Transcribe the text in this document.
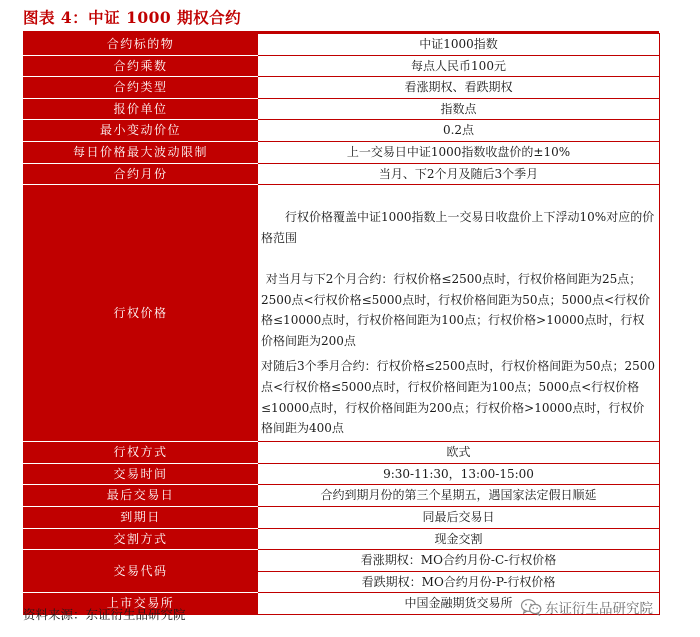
图表 4：中证 1000 期权合约
合约标的物	中证1000指数
合约乘数	每点人民币100元
合约类型	看涨期权、看跌期权
报价单位	指数点
最小变动价位	0.2点
每日价格最大波动限制	上一交易日中证1000指数收盘价的±10%
合约月份	当月、下2个月及随后3个季月
行权价格	行权价格覆盖中证1000指数上一交易日收盘价上下浮动10%对应的价格范围
对当月与下2个月合约：行权价格≤2500点时，行权价格间距为25点；2500点<行权价格≤5000点时，行权价格间距为50点；5000点<行权价格≤10000点时，行权价格间距为100点；行权价格>10000点时，行权价格间距为200点
对随后3个季月合约：行权价格≤2500点时，行权价格间距为50点；2500点<行权价格≤5000点时，行权价格间距为100点；5000点<行权价格≤10000点时，行权价格间距为200点；行权价格>10000点时，行权价格间距为400点

行权方式	欧式
交易时间	9:30-11:30，13:00-15:00
最后交易日	合约到期月份的第三个星期五，遇国家法定假日顺延
到期日	同最后交易日
交割方式	现金交割
交易代码	看涨期权：MO合约月份-C-行权价格
看跌期权：MO合约月份-P-行权价格

上市交易所	中国金融期货交易所
资料来源：东证衍生品研究院	东证衍生品研究院
